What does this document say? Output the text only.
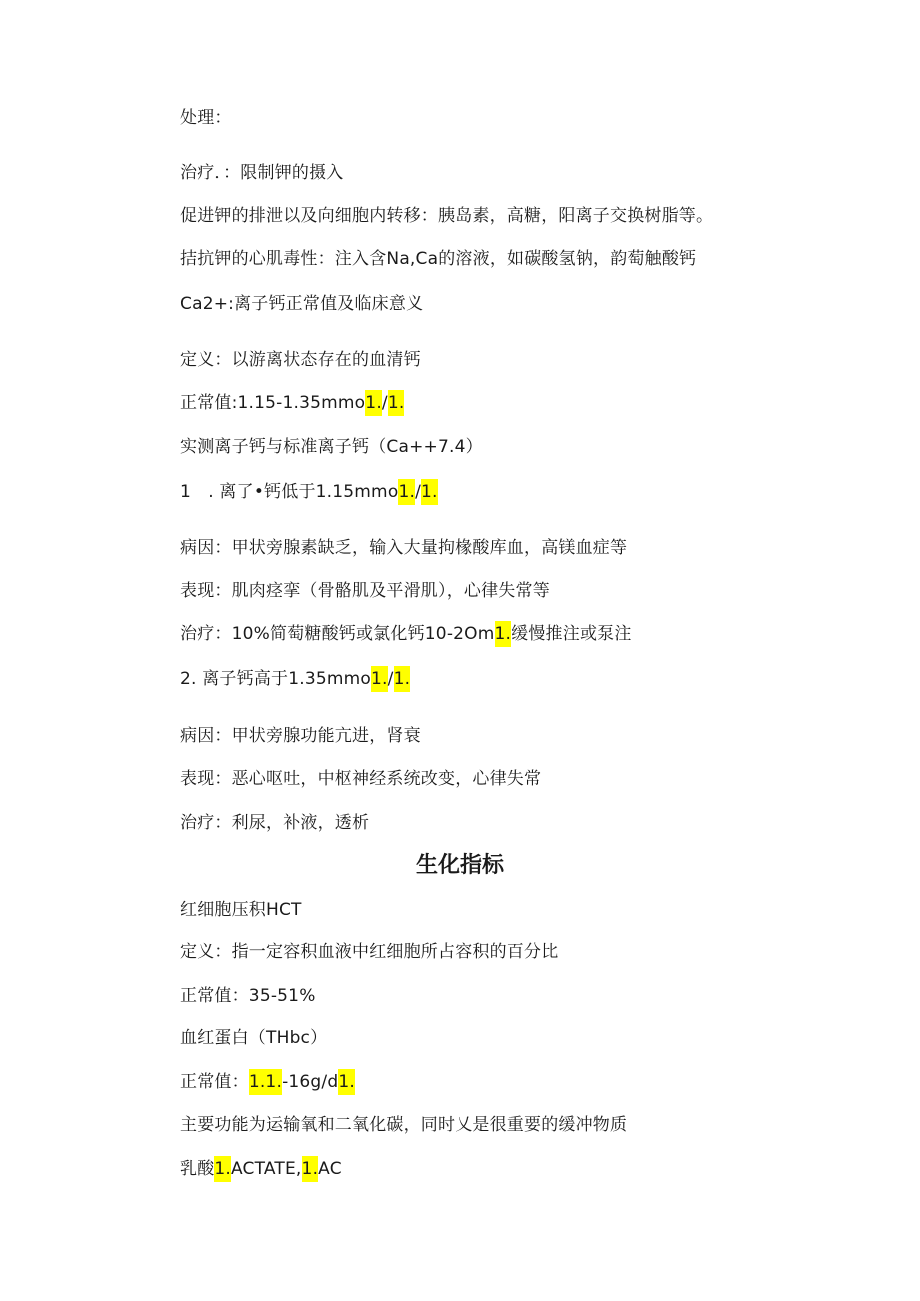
处理：
治疗．：限制钾的摄入
促进钾的排泄以及向细胞内转移：胰岛素，高糖，阳离子交换树脂等。
拮抗钾的心肌毒性：注入含Na,Ca的溶液，如碳酸氢钠，韵萄触酸钙
Ca2+:离子钙正常值及临床意义
定义：以游离状态存在的血清钙
正常值:1.15-1.35mmo1.∕1.
实测离子钙与标准离子钙（Ca++7.4）
1　. 离了•钙低于1.15mmo1.∕1.
病因：甲状旁腺素缺乏，输入大量拘椽酸库血，高镁血症等
表现：肌肉痉挛（骨骼肌及平滑肌），心律失常等
治疗：10%简萄糖酸钙或氯化钙10-2Om1.缓慢推注或泵注
2. 离子钙高于1.35mmo1.∕1.
病因：甲状旁腺功能亢进，肾衰
表现：恶心呕吐，中枢神经系统改变，心律失常
治疗：利尿，补液，透析
生化指标
红细胞压积HCT
定义：指一定容积血液中红细胞所占容积的百分比
正常值：35-51%
血红蛋白（THbc）
正常值：1.1.-16g∕d1.
主要功能为运输氧和二氧化碳，同时乂是很重要的缓冲物质
乳酸1.ACTATE,1.AC
